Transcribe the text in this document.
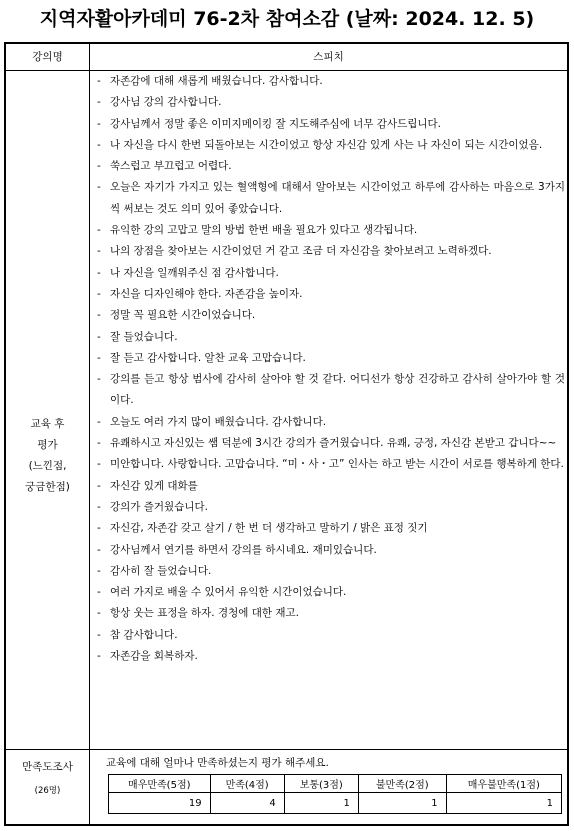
지역자활아카데미 76-2차 참여소감 (날짜: 2024. 12. 5)
강의명	스피치
교육 후
평가
(느낀점,
궁금한점)
- 자존감에 대해 새롭게 배웠습니다. 감사합니다.
- 강사님 강의 감사합니다.
- 강사님께서 정말 좋은 이미지메이킹 잘 지도해주심에 너무 감사드립니다.
- 나 자신을 다시 한번 되돌아보는 시간이었고 항상 자신감 있게 사는 나 자신이 되는 시간이었음.
- 쑥스럽고 부끄럽고 어렵다.
- 오늘은 자기가 가지고 있는 혈액형에 대해서 알아보는 시간이었고 하루에 감사하는 마음으로 3가지씩 써보는 것도 의미 있어 좋았습니다.
- 유익한 강의 고맙고 말의 방법 한번 배울 필요가 있다고 생각됩니다.
- 나의 장점을 찾아보는 시간이었던 거 같고 조금 더 자신감을 찾아보려고 노력하겠다.
- 나 자신을 일깨워주신 점 감사합니다.
- 자신을 디자인해야 한다. 자존감을 높이자.
- 정말 꼭 필요한 시간이었습니다.
- 잘 들었습니다.
- 잘 듣고 감사합니다. 알찬 교육 고맙습니다.
- 강의를 듣고 항상 범사에 감사히 살아야 할 것 같다. 어디선가 항상 건강하고 감사히 살아가야 할 것이다.
- 오늘도 여러 가지 많이 배웠습니다. 감사합니다.
- 유쾌하시고 자신있는 쌤 덕분에 3시간 강의가 즐거웠습니다. 유쾌, 긍정, 자신감 본받고 갑니다~~
- 미안합니다. 사랑합니다. 고맙습니다. “미・사・고” 인사는 하고 받는 시간이 서로를 행복하게 한다.
- 자신감 있게 대화를
- 강의가 즐거웠습니다.
- 자신감, 자존감 갖고 살기 / 한 번 더 생각하고 말하기 / 밝은 표정 짓기
- 강사님께서 연기를 하면서 강의를 하시네요. 재미있습니다.
- 감사히 잘 들었습니다.
- 여러 가지로 배울 수 있어서 유익한 시간이었습니다.
- 항상 웃는 표정을 하자. 경청에 대한 재고.
- 참 감사합니다.
- 자존감을 회복하자.
만족도조사
(26명)
교육에 대해 얼마나 만족하셨는지 평가 해주세요.
매우만족(5점)	만족(4점)	보통(3점)	불만족(2점)	매우불만족(1점)
19	4	1	1	1
